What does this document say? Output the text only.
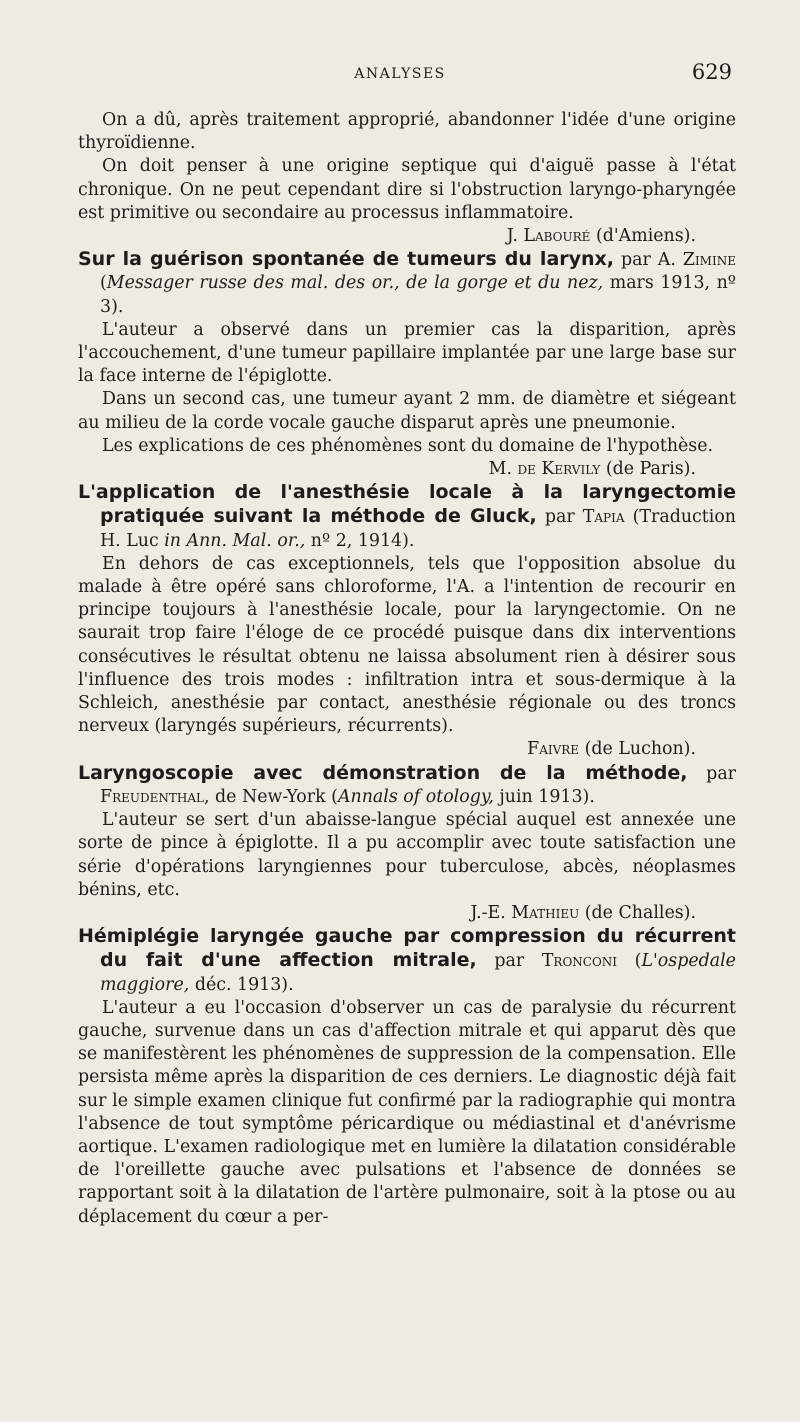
ANALYSES	629

On a dû, après traitement approprié, abandonner l'idée d'une origine thyroïdienne.

On doit penser à une origine septique qui d'aiguë passe à l'état chronique. On ne peut cependant dire si l'obstruction laryngo-pharyngée est primitive ou secondaire au processus inflammatoire.

J. Labouré (d'Amiens).

Sur la guérison spontanée de tumeurs du larynx, par A. Zimine (Messager russe des mal. des or., de la gorge et du nez, mars 1913, nº 3).

L'auteur a observé dans un premier cas la disparition, après l'accouchement, d'une tumeur papillaire implantée par une large base sur la face interne de l'épiglotte.

Dans un second cas, une tumeur ayant 2 mm. de diamètre et siégeant au milieu de la corde vocale gauche disparut après une pneumonie.

Les explications de ces phénomènes sont du domaine de l'hypothèse.

M. de Kervily (de Paris).

L'application de l'anesthésie locale à la laryngectomie pratiquée suivant la méthode de Gluck, par Tapia (Traduction H. Luc in Ann. Mal. or., nº 2, 1914).

En dehors de cas exceptionnels, tels que l'opposition absolue du malade à être opéré sans chloroforme, l'A. a l'intention de recourir en principe toujours à l'anesthésie locale, pour la laryngectomie. On ne saurait trop faire l'éloge de ce procédé puisque dans dix interventions consécutives le résultat obtenu ne laissa absolument rien à désirer sous l'influence des trois modes : infiltration intra et sous-dermique à la Schleich, anesthésie par contact, anesthésie régionale ou des troncs nerveux (laryngés supérieurs, récurrents).

Faivre (de Luchon).

Laryngoscopie avec démonstration de la méthode, par Freudenthal, de New-York (Annals of otology, juin 1913).

L'auteur se sert d'un abaisse-langue spécial auquel est annexée une sorte de pince à épiglotte. Il a pu accomplir avec toute satisfaction une série d'opérations laryngiennes pour tuberculose, abcès, néoplasmes bénins, etc.

J.-E. Mathieu (de Challes).

Hémiplégie laryngée gauche par compression du récurrent du fait d'une affection mitrale, par Tronconi (L'ospedale maggiore, déc. 1913).

L'auteur a eu l'occasion d'observer un cas de paralysie du récurrent gauche, survenue dans un cas d'affection mitrale et qui apparut dès que se manifestèrent les phénomènes de suppression de la compensation. Elle persista même après la disparition de ces derniers. Le diagnostic déjà fait sur le simple examen clinique fut confirmé par la radiographie qui montra l'absence de tout symptôme péricardique ou médiastinal et d'anévrisme aortique. L'examen radiologique met en lumière la dilatation considérable de l'oreillette gauche avec pulsations et l'absence de données se rapportant soit à la dilatation de l'artère pulmonaire, soit à la ptose ou au déplacement du cœur a per-
